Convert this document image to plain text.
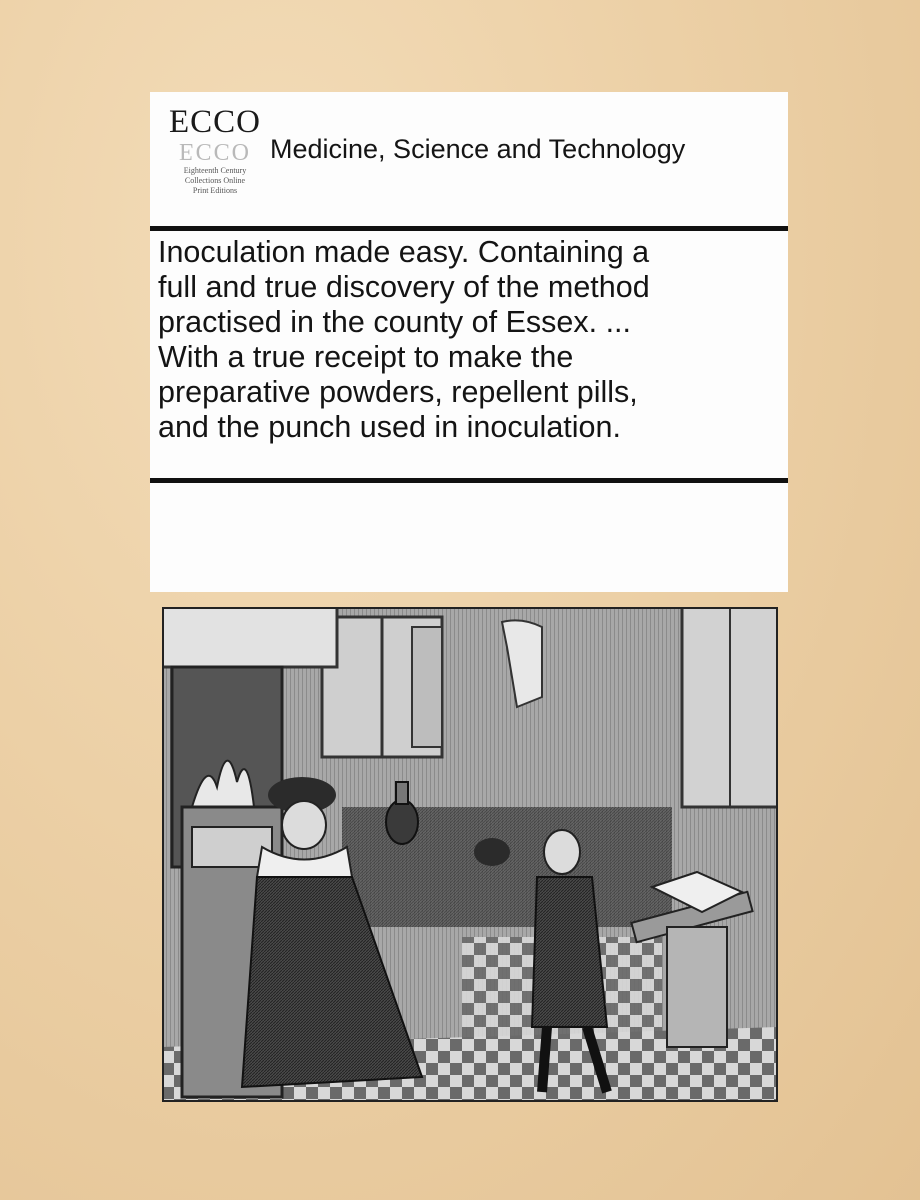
ECCO
ECCO
Eighteenth Century
Collections Online
Print Editions
Medicine, Science and Technology
Inoculation made easy. Containing a
full and true discovery of the method
practised in the county of Essex. ...
With a true receipt to make the
preparative powders, repellent pills,
and the punch used in inoculation.
